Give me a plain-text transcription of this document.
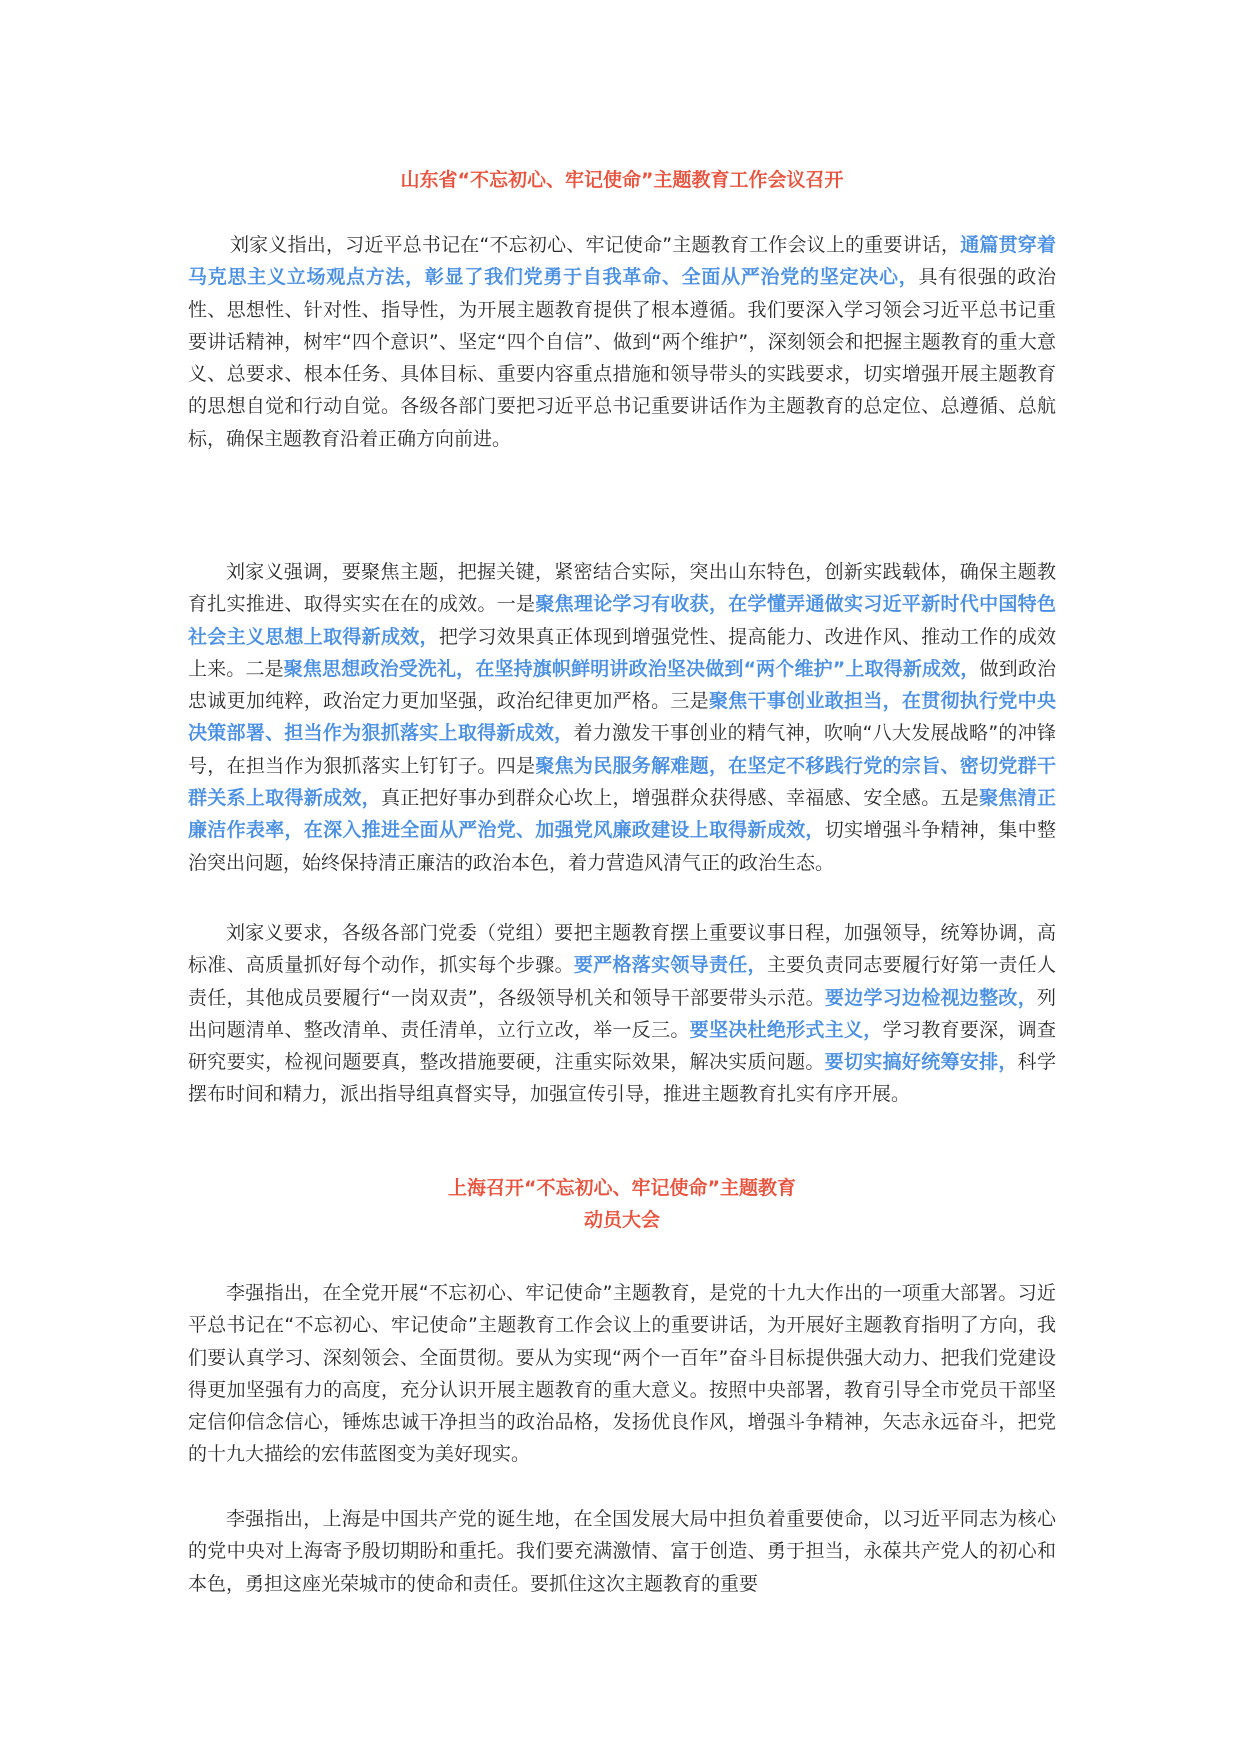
山东省“不忘初心、牢记使命”主题教育工作会议召开

　刘家义指出，习近平总书记在“不忘初心、牢记使命”主题教育工作会议上的重要讲话，通篇贯穿着马克思主义立场观点方法，彰显了我们党勇于自我革命、全面从严治党的坚定决心，具有很强的政治性、思想性、针对性、指导性，为开展主题教育提供了根本遵循。我们要深入学习领会习近平总书记重要讲话精神，树牢“四个意识”、坚定“四个自信”、做到“两个维护”，深刻领会和把握主题教育的重大意义、总要求、根本任务、具体目标、重要内容重点措施和领导带头的实践要求，切实增强开展主题教育的思想自觉和行动自觉。各级各部门要把习近平总书记重要讲话作为主题教育的总定位、总遵循、总航标，确保主题教育沿着正确方向前进。

刘家义强调，要聚焦主题，把握关键，紧密结合实际，突出山东特色，创新实践载体，确保主题教育扎实推进、取得实实在在的成效。一是聚焦理论学习有收获，在学懂弄通做实习近平新时代中国特色社会主义思想上取得新成效，把学习效果真正体现到增强党性、提高能力、改进作风、推动工作的成效上来。二是聚焦思想政治受洗礼，在坚持旗帜鲜明讲政治坚决做到“两个维护”上取得新成效，做到政治忠诚更加纯粹，政治定力更加坚强，政治纪律更加严格。三是聚焦干事创业敢担当，在贯彻执行党中央决策部署、担当作为狠抓落实上取得新成效，着力激发干事创业的精气神，吹响“八大发展战略”的冲锋号，在担当作为狠抓落实上钉钉子。四是聚焦为民服务解难题，在坚定不移践行党的宗旨、密切党群干群关系上取得新成效，真正把好事办到群众心坎上，增强群众获得感、幸福感、安全感。五是聚焦清正廉洁作表率，在深入推进全面从严治党、加强党风廉政建设上取得新成效，切实增强斗争精神，集中整治突出问题，始终保持清正廉洁的政治本色，着力营造风清气正的政治生态。

刘家义要求，各级各部门党委（党组）要把主题教育摆上重要议事日程，加强领导，统筹协调，高标准、高质量抓好每个动作，抓实每个步骤。要严格落实领导责任，主要负责同志要履行好第一责任人责任，其他成员要履行“一岗双责”，各级领导机关和领导干部要带头示范。要边学习边检视边整改，列出问题清单、整改清单、责任清单，立行立改，举一反三。要坚决杜绝形式主义，学习教育要深，调查研究要实，检视问题要真，整改措施要硬，注重实际效果，解决实质问题。要切实搞好统筹安排，科学摆布时间和精力，派出指导组真督实导，加强宣传引导，推进主题教育扎实有序开展。

上海召开“不忘初心、牢记使命”主题教育
动员大会

李强指出，在全党开展“不忘初心、牢记使命”主题教育，是党的十九大作出的一项重大部署。习近平总书记在“不忘初心、牢记使命”主题教育工作会议上的重要讲话，为开展好主题教育指明了方向，我们要认真学习、深刻领会、全面贯彻。要从为实现“两个一百年”奋斗目标提供强大动力、把我们党建设得更加坚强有力的高度，充分认识开展主题教育的重大意义。按照中央部署，教育引导全市党员干部坚定信仰信念信心，锤炼忠诚干净担当的政治品格，发扬优良作风，增强斗争精神，矢志永远奋斗，把党的十九大描绘的宏伟蓝图变为美好现实。

李强指出，上海是中国共产党的诞生地，在全国发展大局中担负着重要使命，以习近平同志为核心的党中央对上海寄予殷切期盼和重托。我们要充满激情、富于创造、勇于担当，永葆共产党人的初心和本色，勇担这座光荣城市的使命和责任。要抓住这次主题教育的重要
